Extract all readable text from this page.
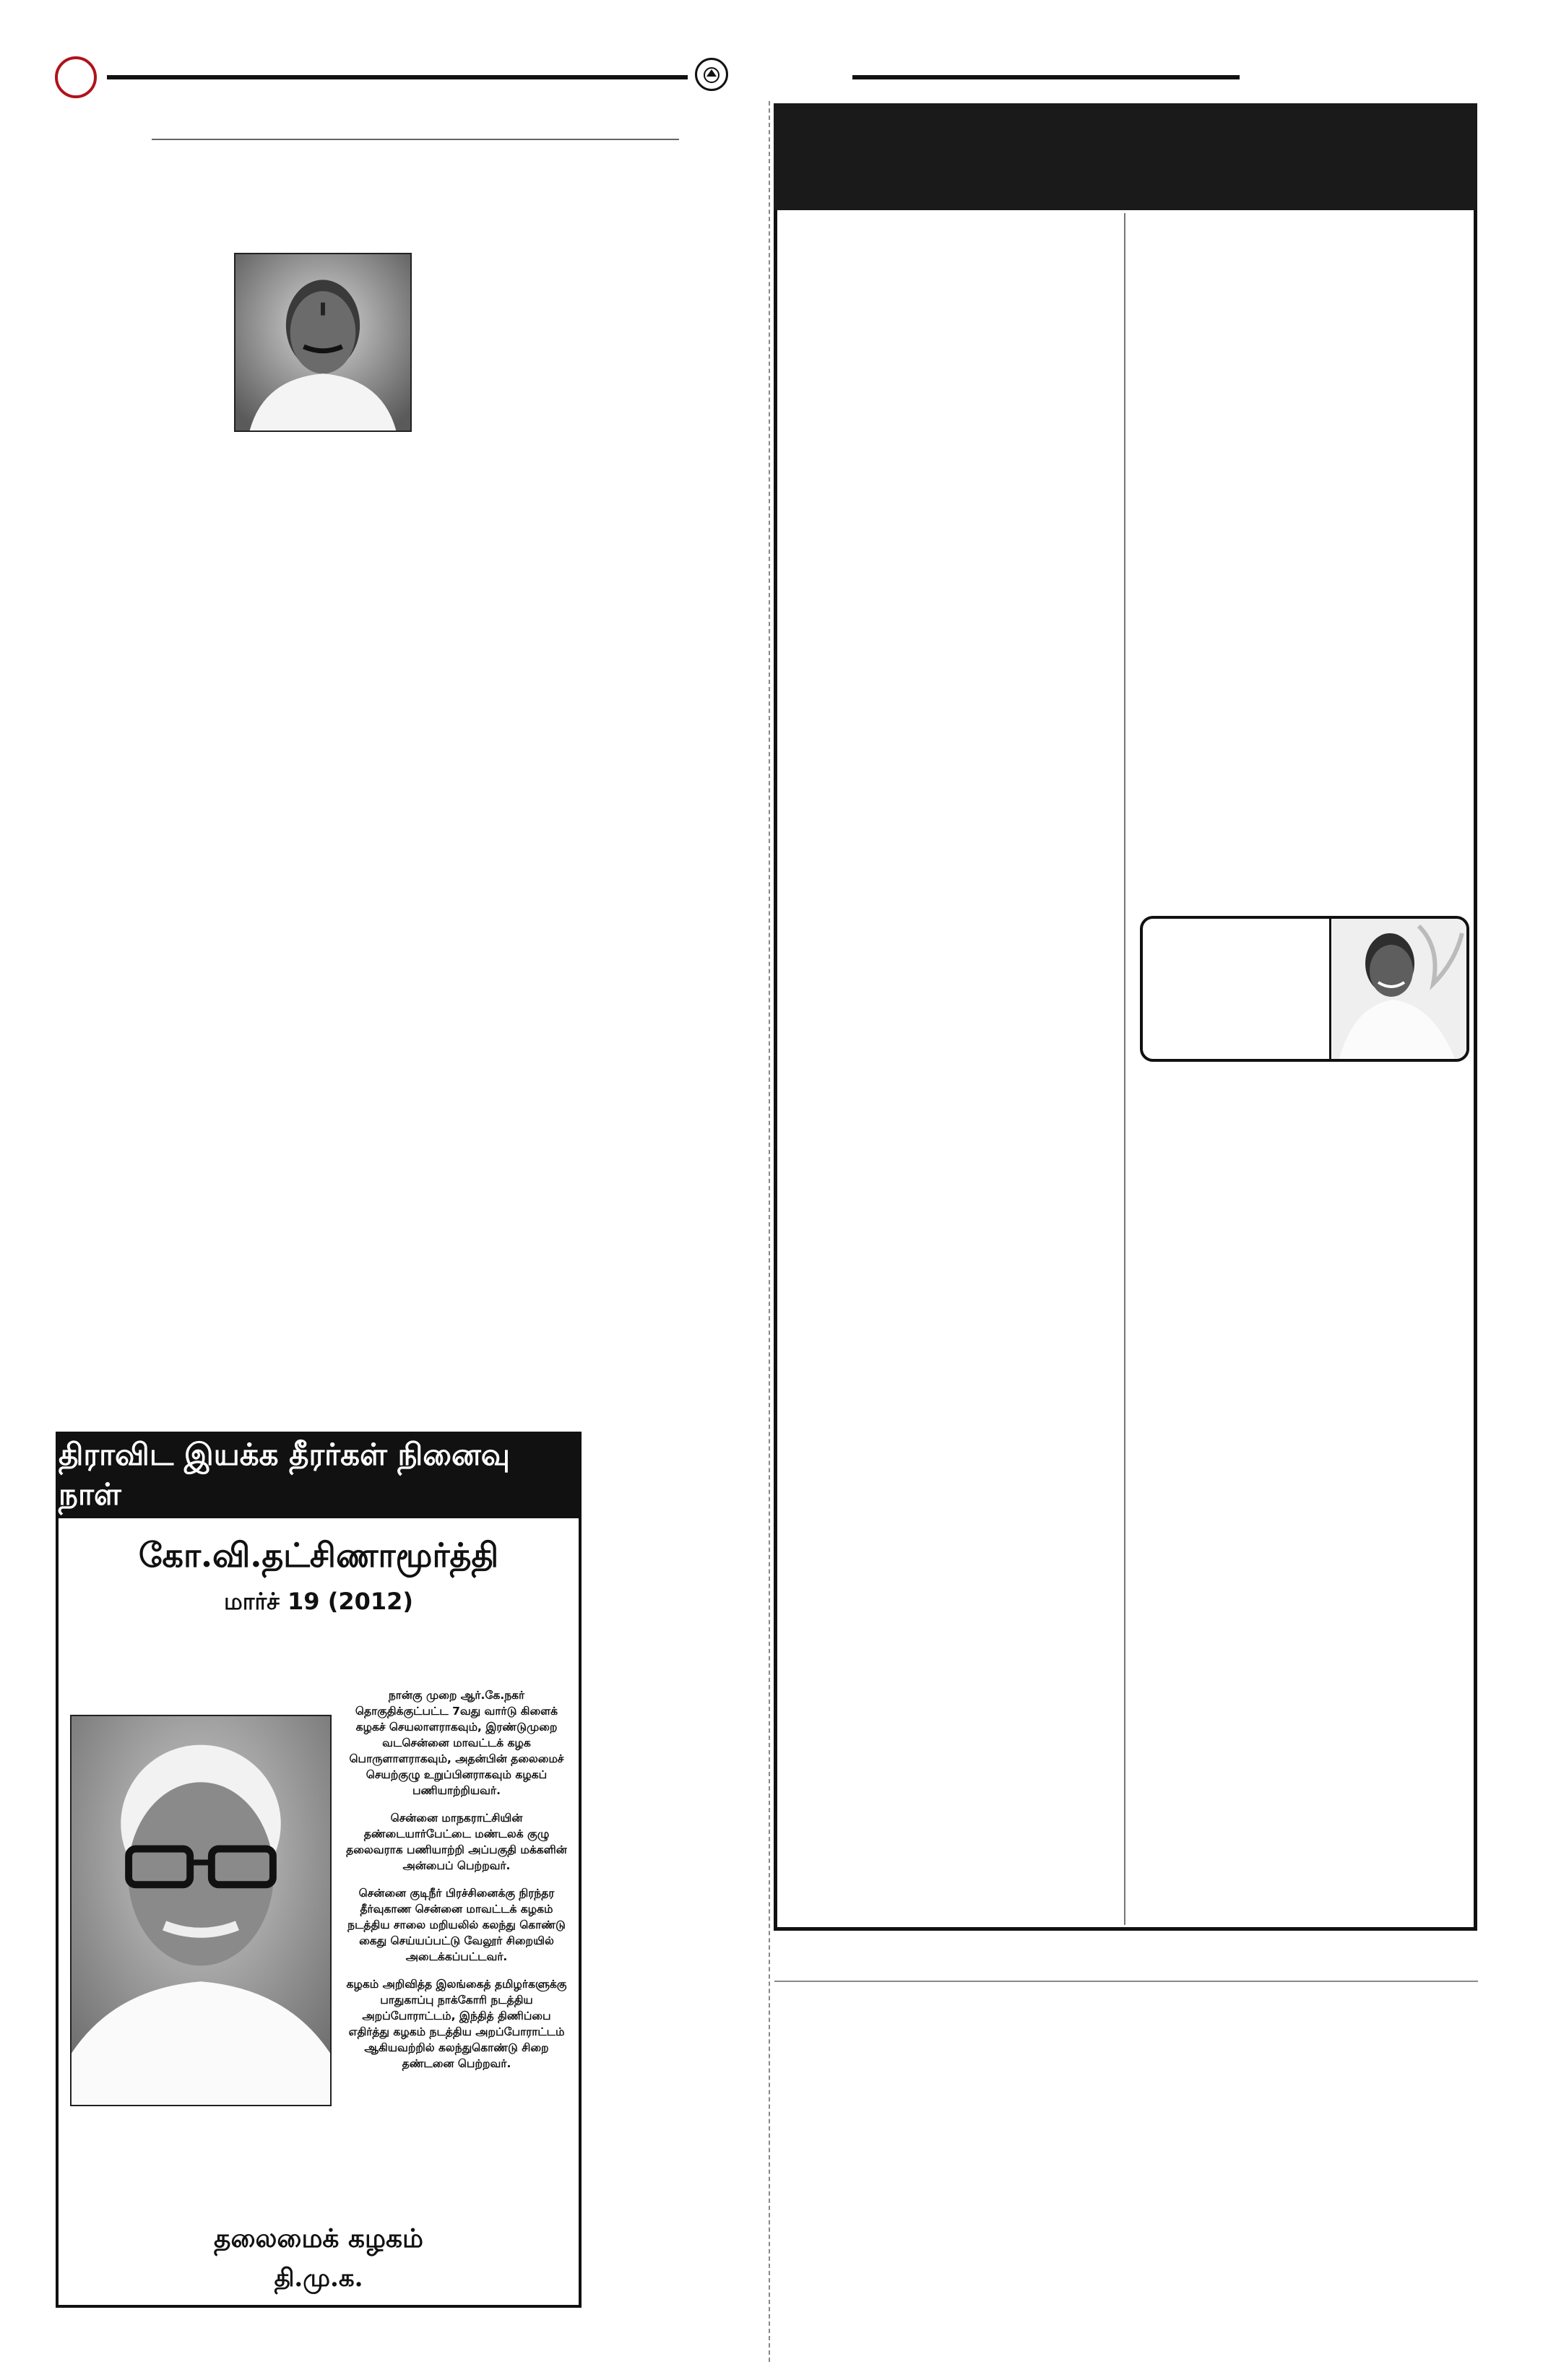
திராவிட இயக்க தீரர்கள் நினைவு நாள்
கோ.வி.தட்சிணாமூர்த்தி
மார்ச் 19 (2012)

நான்கு முறை ஆர்.கே.நகர் தொகுதிக்குட்பட்ட 7வது வார்டு கிளைக் கழகச் செயலாளராகவும், இரண்டுமுறை வடசென்னை மாவட்டக் கழக பொருளாளராகவும், அதன்பின் தலைமைச் செயற்குழு உறுப்பினராகவும் கழகப் பணியாற்றியவர்.

சென்னை மாநகராட்சியின் தண்டையார்பேட்டை மண்டலக் குழு தலைவராக பணியாற்றி அப்பகுதி மக்களின் அன்பைப் பெற்றவர்.

சென்னை குடிநீர் பிரச்சினைக்கு நிரந்தர தீர்வுகாண சென்னை மாவட்டக் கழகம் நடத்திய சாலை மறியலில் கலந்து கொண்டு கைது செய்யப்பட்டு வேலூர் சிறையில் அடைக்கப்பட்டவர்.

கழகம் அறிவித்த இலங்கைத் தமிழர்களுக்கு பாதுகாப்பு நாக்கோரி நடத்திய அறப்போராட்டம், இந்தித் திணிப்பை எதிர்த்து கழகம் நடத்திய அறப்போராட்டம் ஆகியவற்றில் கலந்துகொண்டு சிறை தண்டனை பெற்றவர்.

தலைமைக் கழகம்
தி.மு.க.
